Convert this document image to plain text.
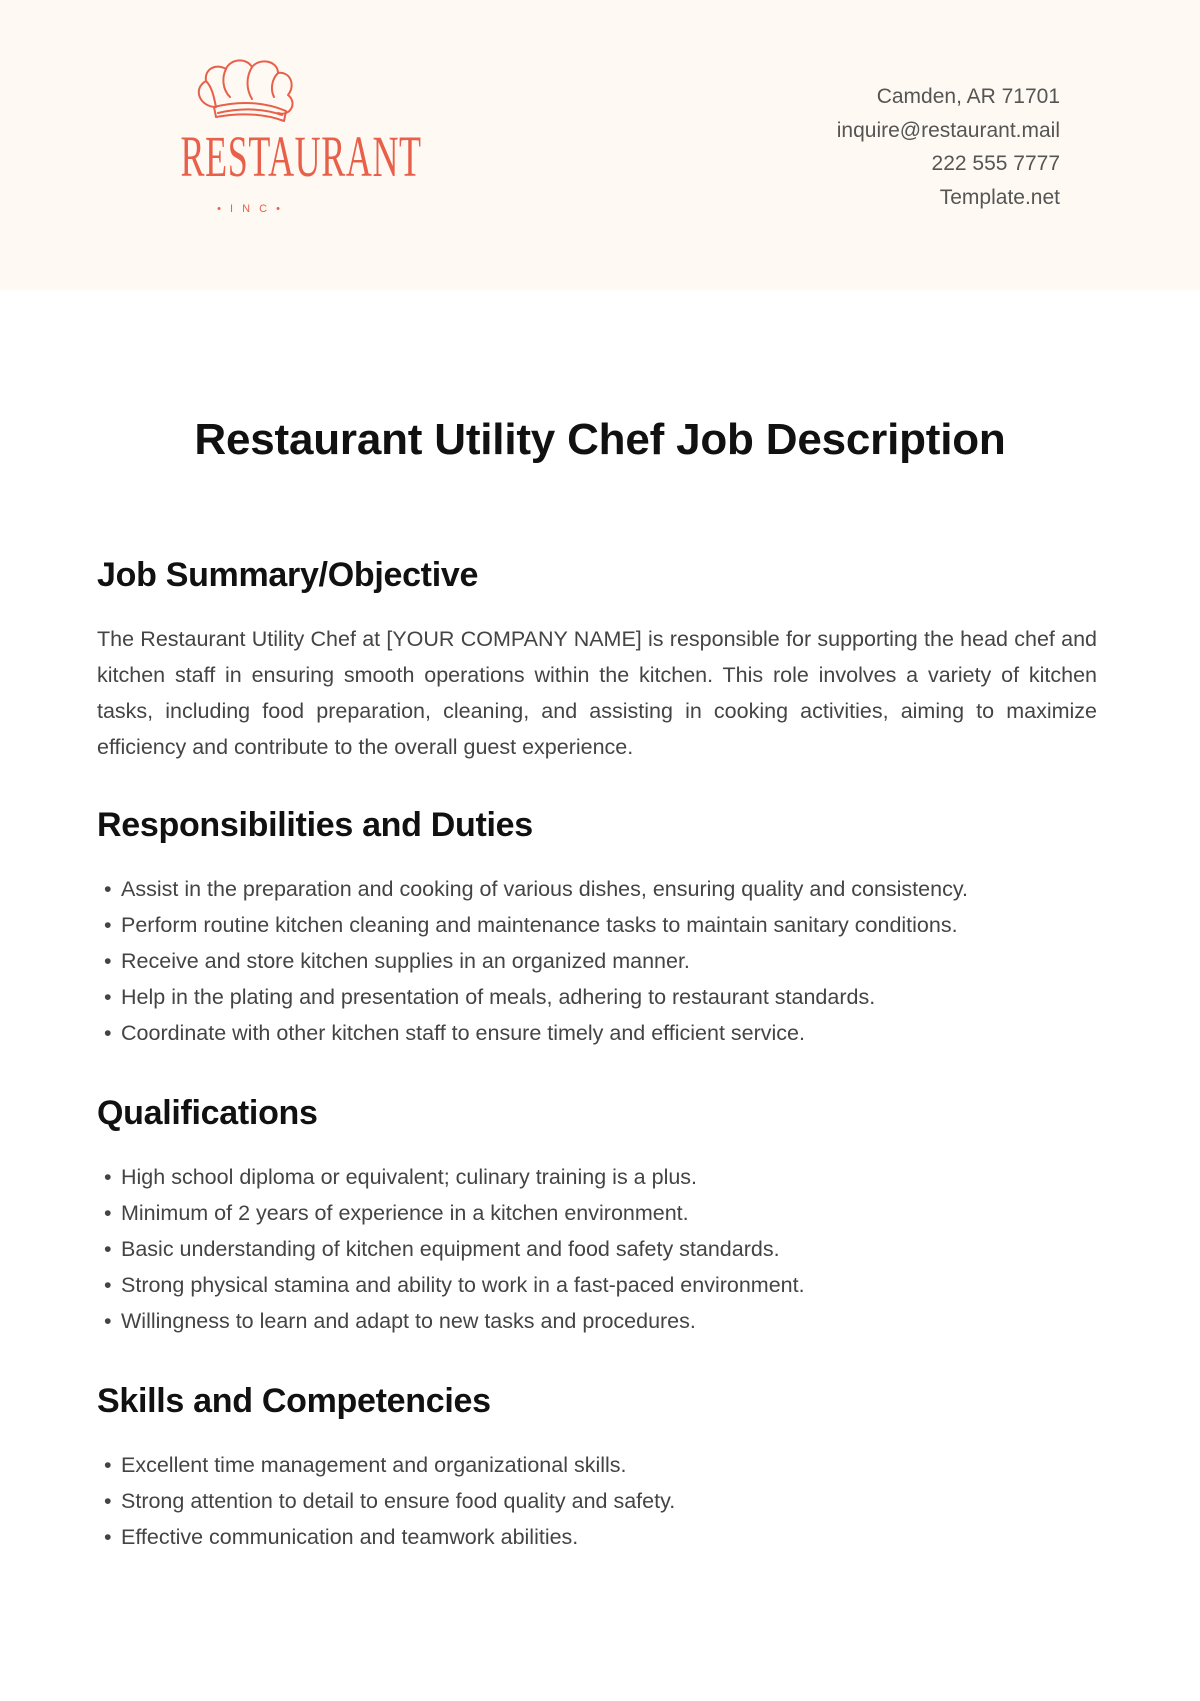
RESTAURANT
• I N C •
Camden, AR 71701
inquire@restaurant.mail
222 555 7777
Template.net
Restaurant Utility Chef Job Description
Job Summary/Objective

The Restaurant Utility Chef at [YOUR COMPANY NAME] is responsible for supporting the head chef and kitchen staff in ensuring smooth operations within the kitchen. This role involves a variety of kitchen tasks, including food preparation, cleaning, and assisting in cooking activities, aiming to maximize efficiency and contribute to the overall guest experience.

Responsibilities and Duties
• Assist in the preparation and cooking of various dishes, ensuring quality and consistency.
• Perform routine kitchen cleaning and maintenance tasks to maintain sanitary conditions.
• Receive and store kitchen supplies in an organized manner.
• Help in the plating and presentation of meals, adhering to restaurant standards.
• Coordinate with other kitchen staff to ensure timely and efficient service.
Qualifications
• High school diploma or equivalent; culinary training is a plus.
• Minimum of 2 years of experience in a kitchen environment.
• Basic understanding of kitchen equipment and food safety standards.
• Strong physical stamina and ability to work in a fast-paced environment.
• Willingness to learn and adapt to new tasks and procedures.
Skills and Competencies
• Excellent time management and organizational skills.
• Strong attention to detail to ensure food quality and safety.
• Effective communication and teamwork abilities.
